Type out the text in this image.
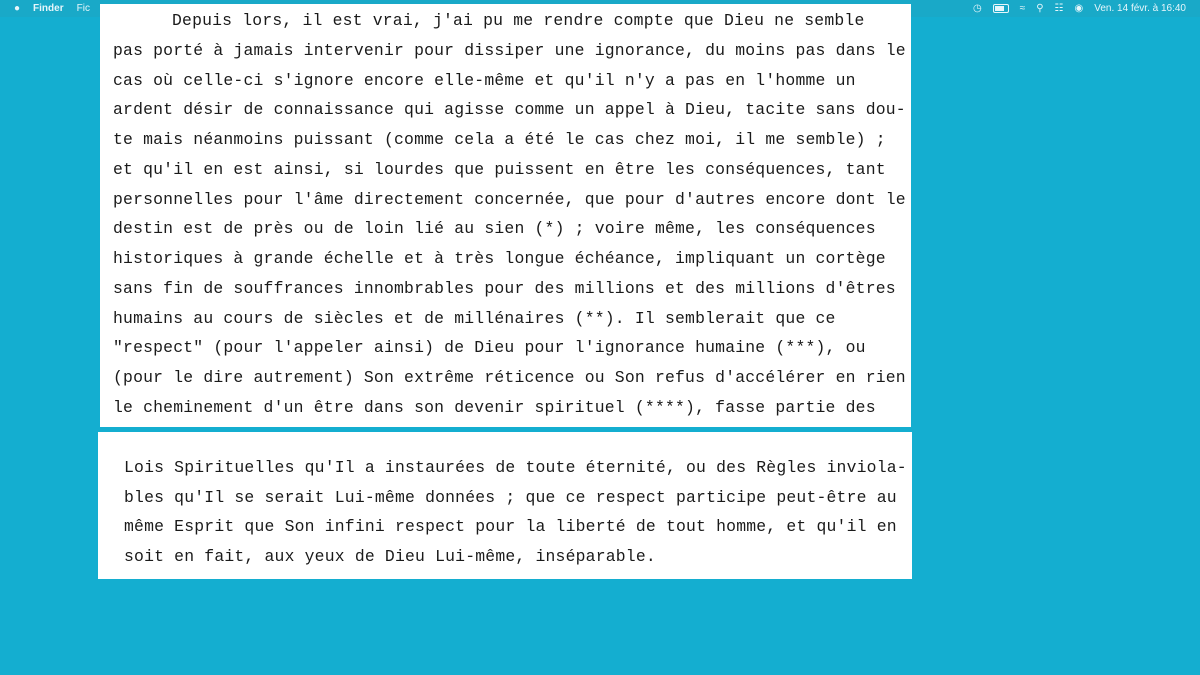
● Finder Fic	◷	≈ ⚲ ☷ ◉ Ven. 14 févr. à 16:40
Depuis lors, il est vrai, j'ai pu me rendre compte que Dieu ne semble
pas porté à jamais intervenir pour dissiper une ignorance, du moins pas dans le
cas où celle-ci s'ignore encore elle-même et qu'il n'y a pas en l'homme un
ardent désir de connaissance qui agisse comme un appel à Dieu, tacite sans dou-
te mais néanmoins puissant (comme cela a été le cas chez moi, il me semble) ;
et qu'il en est ainsi, si lourdes que puissent en être les conséquences, tant
personnelles pour l'âme directement concernée, que pour d'autres encore dont le
destin est de près ou de loin lié au sien (*) ; voire même, les conséquences
historiques à grande échelle et à très longue échéance, impliquant un cortège
sans fin de souffrances innombrables pour des millions et des millions d'êtres
humains au cours de siècles et de millénaires (**). Il semblerait que ce
"respect" (pour l'appeler ainsi) de Dieu pour l'ignorance humaine (***), ou
(pour le dire autrement) Son extrême réticence ou Son refus d'accélérer en rien
le cheminement d'un être dans son devenir spirituel (****), fasse partie des
Lois Spirituelles qu'Il a instaurées de toute éternité, ou des Règles inviola-
bles qu'Il se serait Lui-même données ; que ce respect participe peut-être au
même Esprit que Son infini respect pour la liberté de tout homme, et qu'il en
soit en fait, aux yeux de Dieu Lui-même, inséparable.
